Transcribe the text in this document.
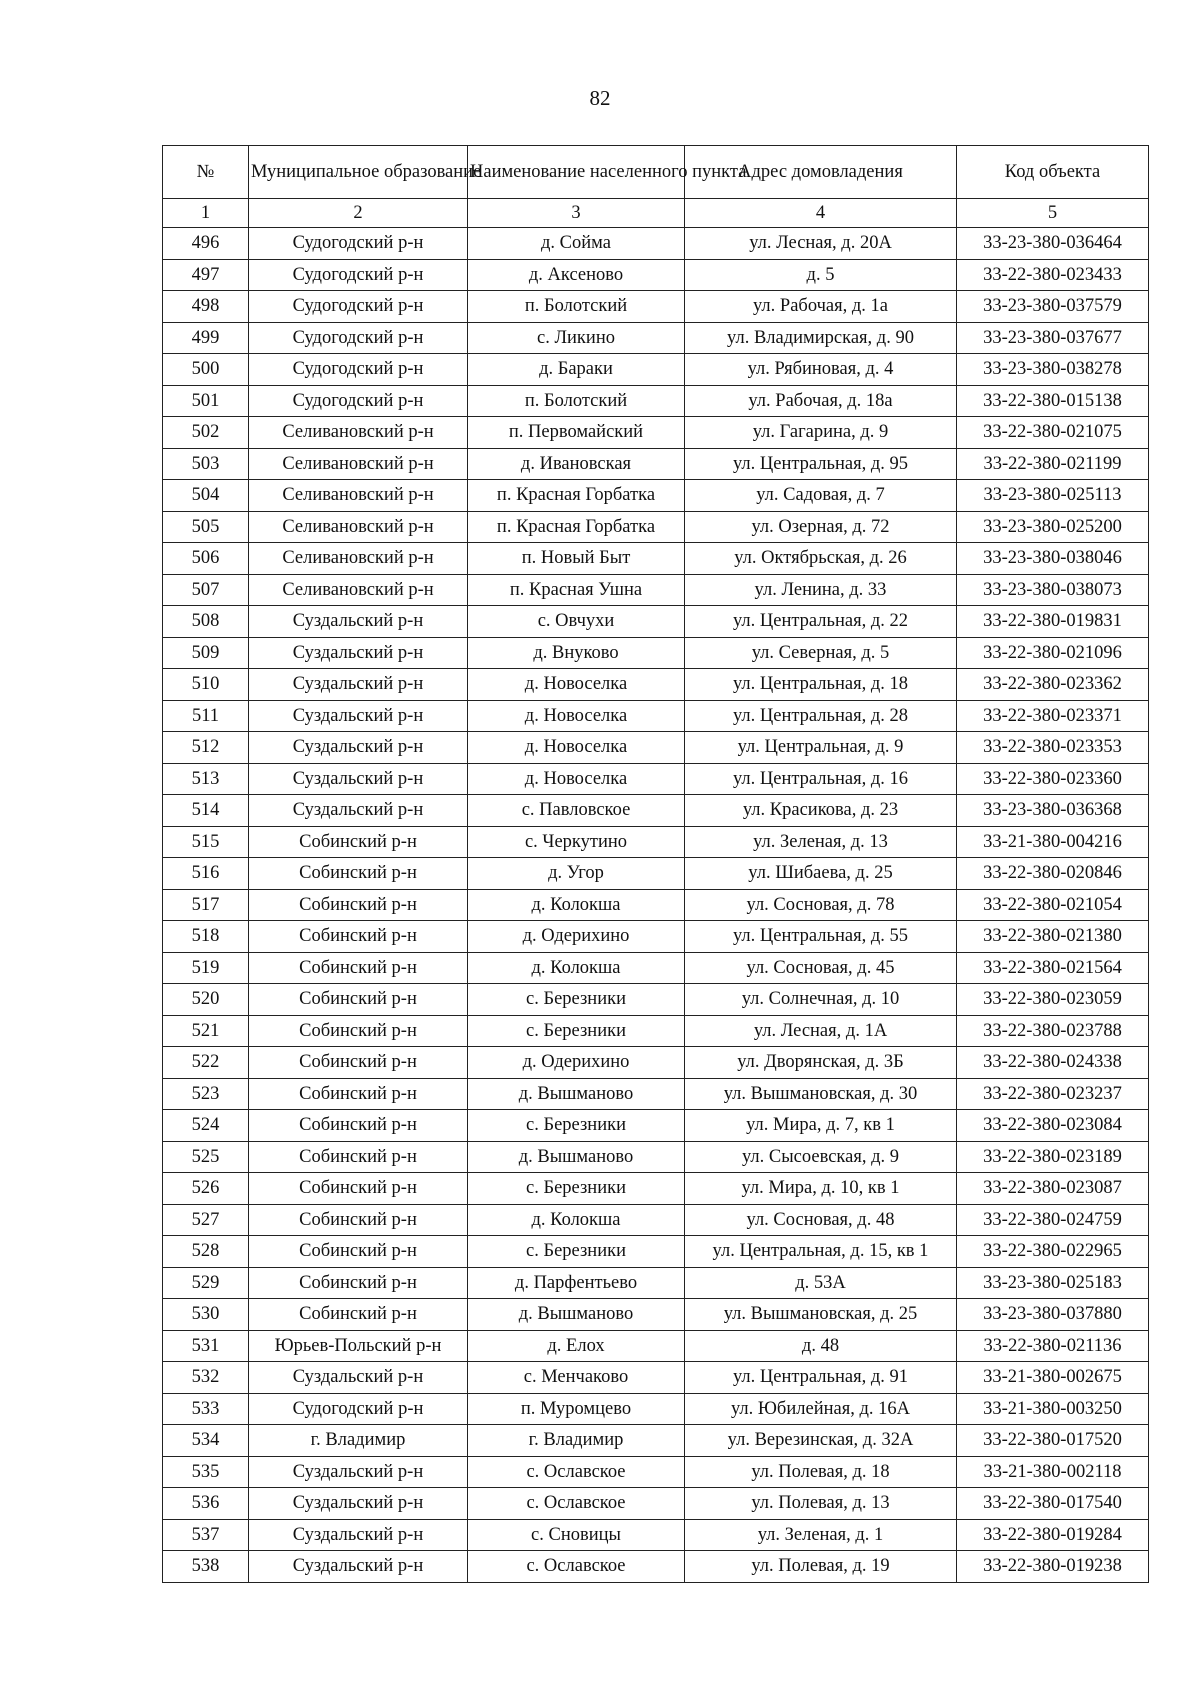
82
№	Муниципальное образование	Наименование населенного пункта	Адрес домовладения	Код объекта
1	2	3	4	5
496	Судогодский р-н	д. Сойма	ул. Лесная, д. 20А	33-23-380-036464
497	Судогодский р-н	д. Аксеново	д. 5	33-22-380-023433
498	Судогодский р-н	п. Болотский	ул. Рабочая, д. 1а	33-23-380-037579
499	Судогодский р-н	с. Ликино	ул. Владимирская, д. 90	33-23-380-037677
500	Судогодский р-н	д. Бараки	ул. Рябиновая, д. 4	33-23-380-038278
501	Судогодский р-н	п. Болотский	ул. Рабочая, д. 18а	33-22-380-015138
502	Селивановский р-н	п. Первомайский	ул. Гагарина, д. 9	33-22-380-021075
503	Селивановский р-н	д. Ивановская	ул. Центральная, д. 95	33-22-380-021199
504	Селивановский р-н	п. Красная Горбатка	ул. Садовая, д. 7	33-23-380-025113
505	Селивановский р-н	п. Красная Горбатка	ул. Озерная, д. 72	33-23-380-025200
506	Селивановский р-н	п. Новый Быт	ул. Октябрьская, д. 26	33-23-380-038046
507	Селивановский р-н	п. Красная Ушна	ул. Ленина, д. 33	33-23-380-038073
508	Суздальский р-н	с. Овчухи	ул. Центральная, д. 22	33-22-380-019831
509	Суздальский р-н	д. Внуково	ул. Северная, д. 5	33-22-380-021096
510	Суздальский р-н	д. Новоселка	ул. Центральная, д. 18	33-22-380-023362
511	Суздальский р-н	д. Новоселка	ул. Центральная, д. 28	33-22-380-023371
512	Суздальский р-н	д. Новоселка	ул. Центральная, д. 9	33-22-380-023353
513	Суздальский р-н	д. Новоселка	ул. Центральная, д. 16	33-22-380-023360
514	Суздальский р-н	с. Павловское	ул. Красикова, д. 23	33-23-380-036368
515	Собинский р-н	с. Черкутино	ул. Зеленая, д. 13	33-21-380-004216
516	Собинский р-н	д. Угор	ул. Шибаева, д. 25	33-22-380-020846
517	Собинский р-н	д. Колокша	ул. Сосновая, д. 78	33-22-380-021054
518	Собинский р-н	д. Одерихино	ул. Центральная, д. 55	33-22-380-021380
519	Собинский р-н	д. Колокша	ул. Сосновая, д. 45	33-22-380-021564
520	Собинский р-н	с. Березники	ул. Солнечная, д. 10	33-22-380-023059
521	Собинский р-н	с. Березники	ул. Лесная, д. 1А	33-22-380-023788
522	Собинский р-н	д. Одерихино	ул. Дворянская, д. 3Б	33-22-380-024338
523	Собинский р-н	д. Вышманово	ул. Вышмановская, д. 30	33-22-380-023237
524	Собинский р-н	с. Березники	ул. Мира, д. 7, кв 1	33-22-380-023084
525	Собинский р-н	д. Вышманово	ул. Сысоевская, д. 9	33-22-380-023189
526	Собинский р-н	с. Березники	ул. Мира, д. 10, кв 1	33-22-380-023087
527	Собинский р-н	д. Колокша	ул. Сосновая, д. 48	33-22-380-024759
528	Собинский р-н	с. Березники	ул. Центральная, д. 15, кв 1	33-22-380-022965
529	Собинский р-н	д. Парфентьево	д. 53А	33-23-380-025183
530	Собинский р-н	д. Вышманово	ул. Вышмановская, д. 25	33-23-380-037880
531	Юрьев-Польский р-н	д. Елох	д. 48	33-22-380-021136
532	Суздальский р-н	с. Менчаково	ул. Центральная, д. 91	33-21-380-002675
533	Судогодский р-н	п. Муромцево	ул. Юбилейная, д. 16А	33-21-380-003250
534	г. Владимир	г. Владимир	ул. Верезинская, д. 32А	33-22-380-017520
535	Суздальский р-н	с. Ославское	ул. Полевая, д. 18	33-21-380-002118
536	Суздальский р-н	с. Ославское	ул. Полевая, д. 13	33-22-380-017540
537	Суздальский р-н	с. Сновицы	ул. Зеленая, д. 1	33-22-380-019284
538	Суздальский р-н	с. Ославское	ул. Полевая, д. 19	33-22-380-019238
